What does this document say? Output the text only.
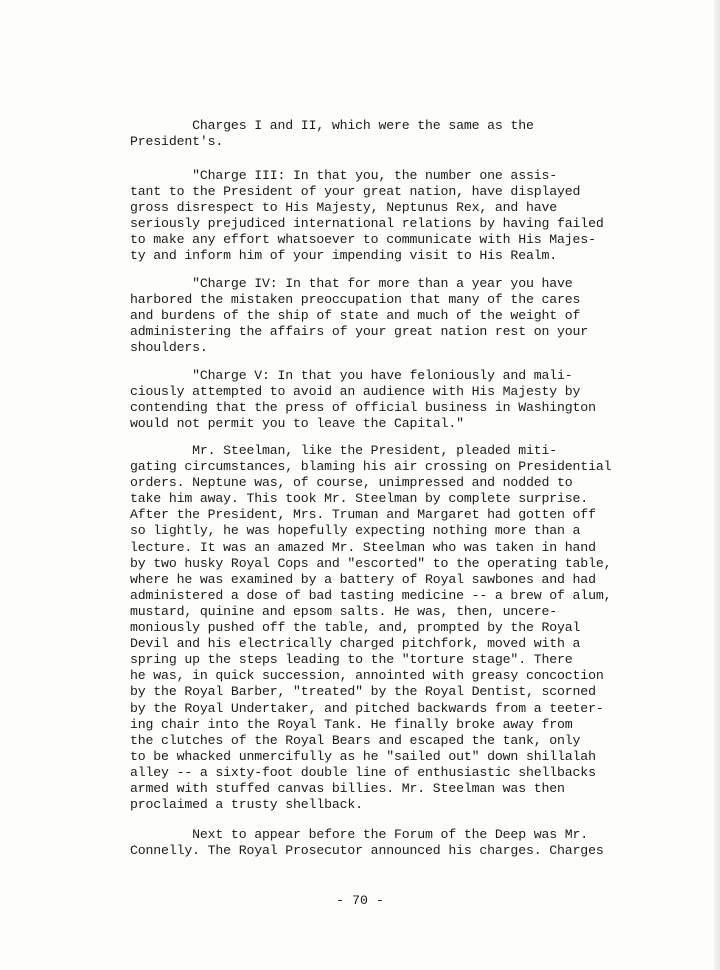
Charges I and II, which were the same as the
President's.
"Charge III: In that you, the number one assis-
tant to the President of your great nation, have displayed
gross disrespect to His Majesty, Neptunus Rex, and have
seriously prejudiced international relations by having failed
to make any effort whatsoever to communicate with His Majes-
ty and inform him of your impending visit to His Realm.
"Charge IV: In that for more than a year you have
harbored the mistaken preoccupation that many of the cares
and burdens of the ship of state and much of the weight of
administering the affairs of your great nation rest on your
shoulders.
"Charge V: In that you have feloniously and mali-
ciously attempted to avoid an audience with His Majesty by
contending that the press of official business in Washington
would not permit you to leave the Capital."
Mr. Steelman, like the President, pleaded miti-
gating circumstances, blaming his air crossing on Presidential
orders. Neptune was, of course, unimpressed and nodded to
take him away. This took Mr. Steelman by complete surprise.
After the President, Mrs. Truman and Margaret had gotten off
so lightly, he was hopefully expecting nothing more than a
lecture. It was an amazed Mr. Steelman who was taken in hand
by two husky Royal Cops and "escorted" to the operating table,
where he was examined by a battery of Royal sawbones and had
administered a dose of bad tasting medicine -- a brew of alum,
mustard, quinine and epsom salts. He was, then, uncere-
moniously pushed off the table, and, prompted by the Royal
Devil and his electrically charged pitchfork, moved with a
spring up the steps leading to the "torture stage". There
he was, in quick succession, annointed with greasy concoction
by the Royal Barber, "treated" by the Royal Dentist, scorned
by the Royal Undertaker, and pitched backwards from a teeter-
ing chair into the Royal Tank. He finally broke away from
the clutches of the Royal Bears and escaped the tank, only
to be whacked unmercifully as he "sailed out" down shillalah
alley -- a sixty-foot double line of enthusiastic shellbacks
armed with stuffed canvas billies. Mr. Steelman was then
proclaimed a trusty shellback.
Next to appear before the Forum of the Deep was Mr.
Connelly. The Royal Prosecutor announced his charges. Charges
- 70 -
